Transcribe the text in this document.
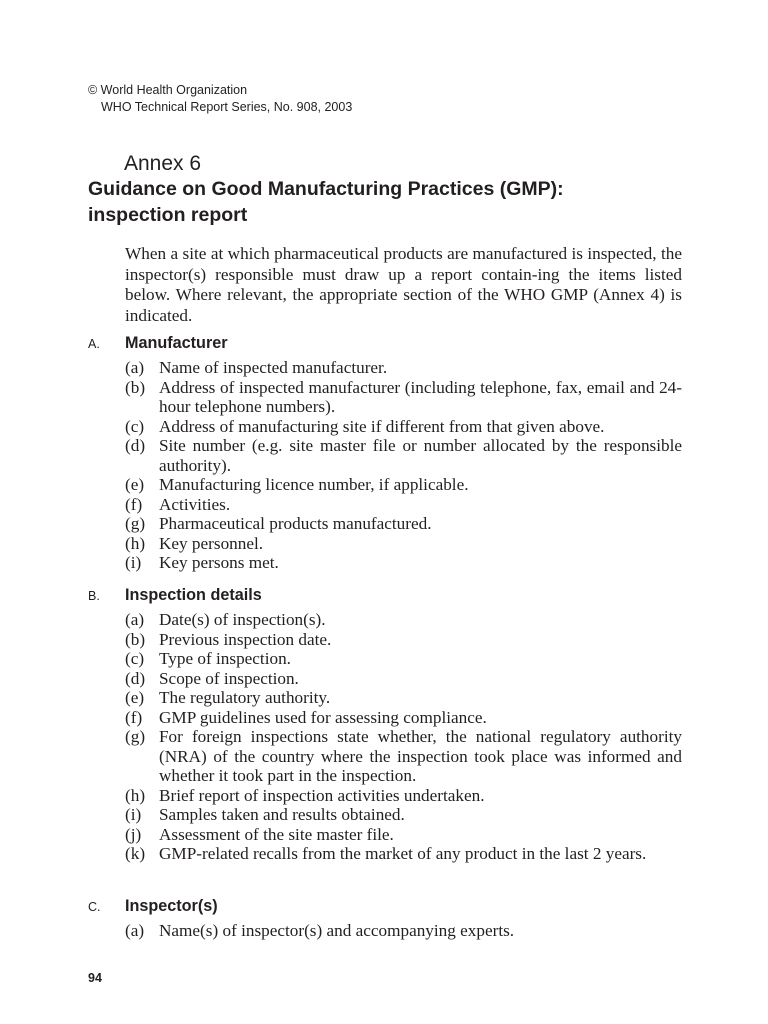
© World Health Organization
WHO Technical Report Series, No. 908, 2003
Annex 6
Guidance on Good Manufacturing Practices (GMP):
inspection report

When a site at which pharmaceutical products are manufactured is inspected, the inspector(s) responsible must draw up a report contain-ing the items listed below. Where relevant, the appropriate section of the WHO GMP (Annex 4) is indicated.

A.	Manufacturer
(a) Name of inspected manufacturer.
(b) Address of inspected manufacturer (including telephone, fax, email and 24-hour telephone numbers).
(c) Address of manufacturing site if different from that given above.
(d) Site number (e.g. site master file or number allocated by the responsible authority).
(e) Manufacturing licence number, if applicable.
(f) Activities.
(g) Pharmaceutical products manufactured.
(h) Key personnel.
(i)	Key persons met.
B.	Inspection details
(a) Date(s) of inspection(s).
(b) Previous inspection date.
(c) Type of inspection.
(d) Scope of inspection.
(e) The regulatory authority.
(f) GMP guidelines used for assessing compliance.
(g) For foreign inspections state whether, the national regulatory authority (NRA) of the country where the inspection took place was informed and whether it took part in the inspection.
(h) Brief report of inspection activities undertaken.
(i)	Samples taken and results obtained.
(j)	Assessment of the site master file.
(k) GMP-related recalls from the market of any product in the last 2 years.
C.	Inspector(s)
(a) Name(s) of inspector(s) and accompanying experts.
94
